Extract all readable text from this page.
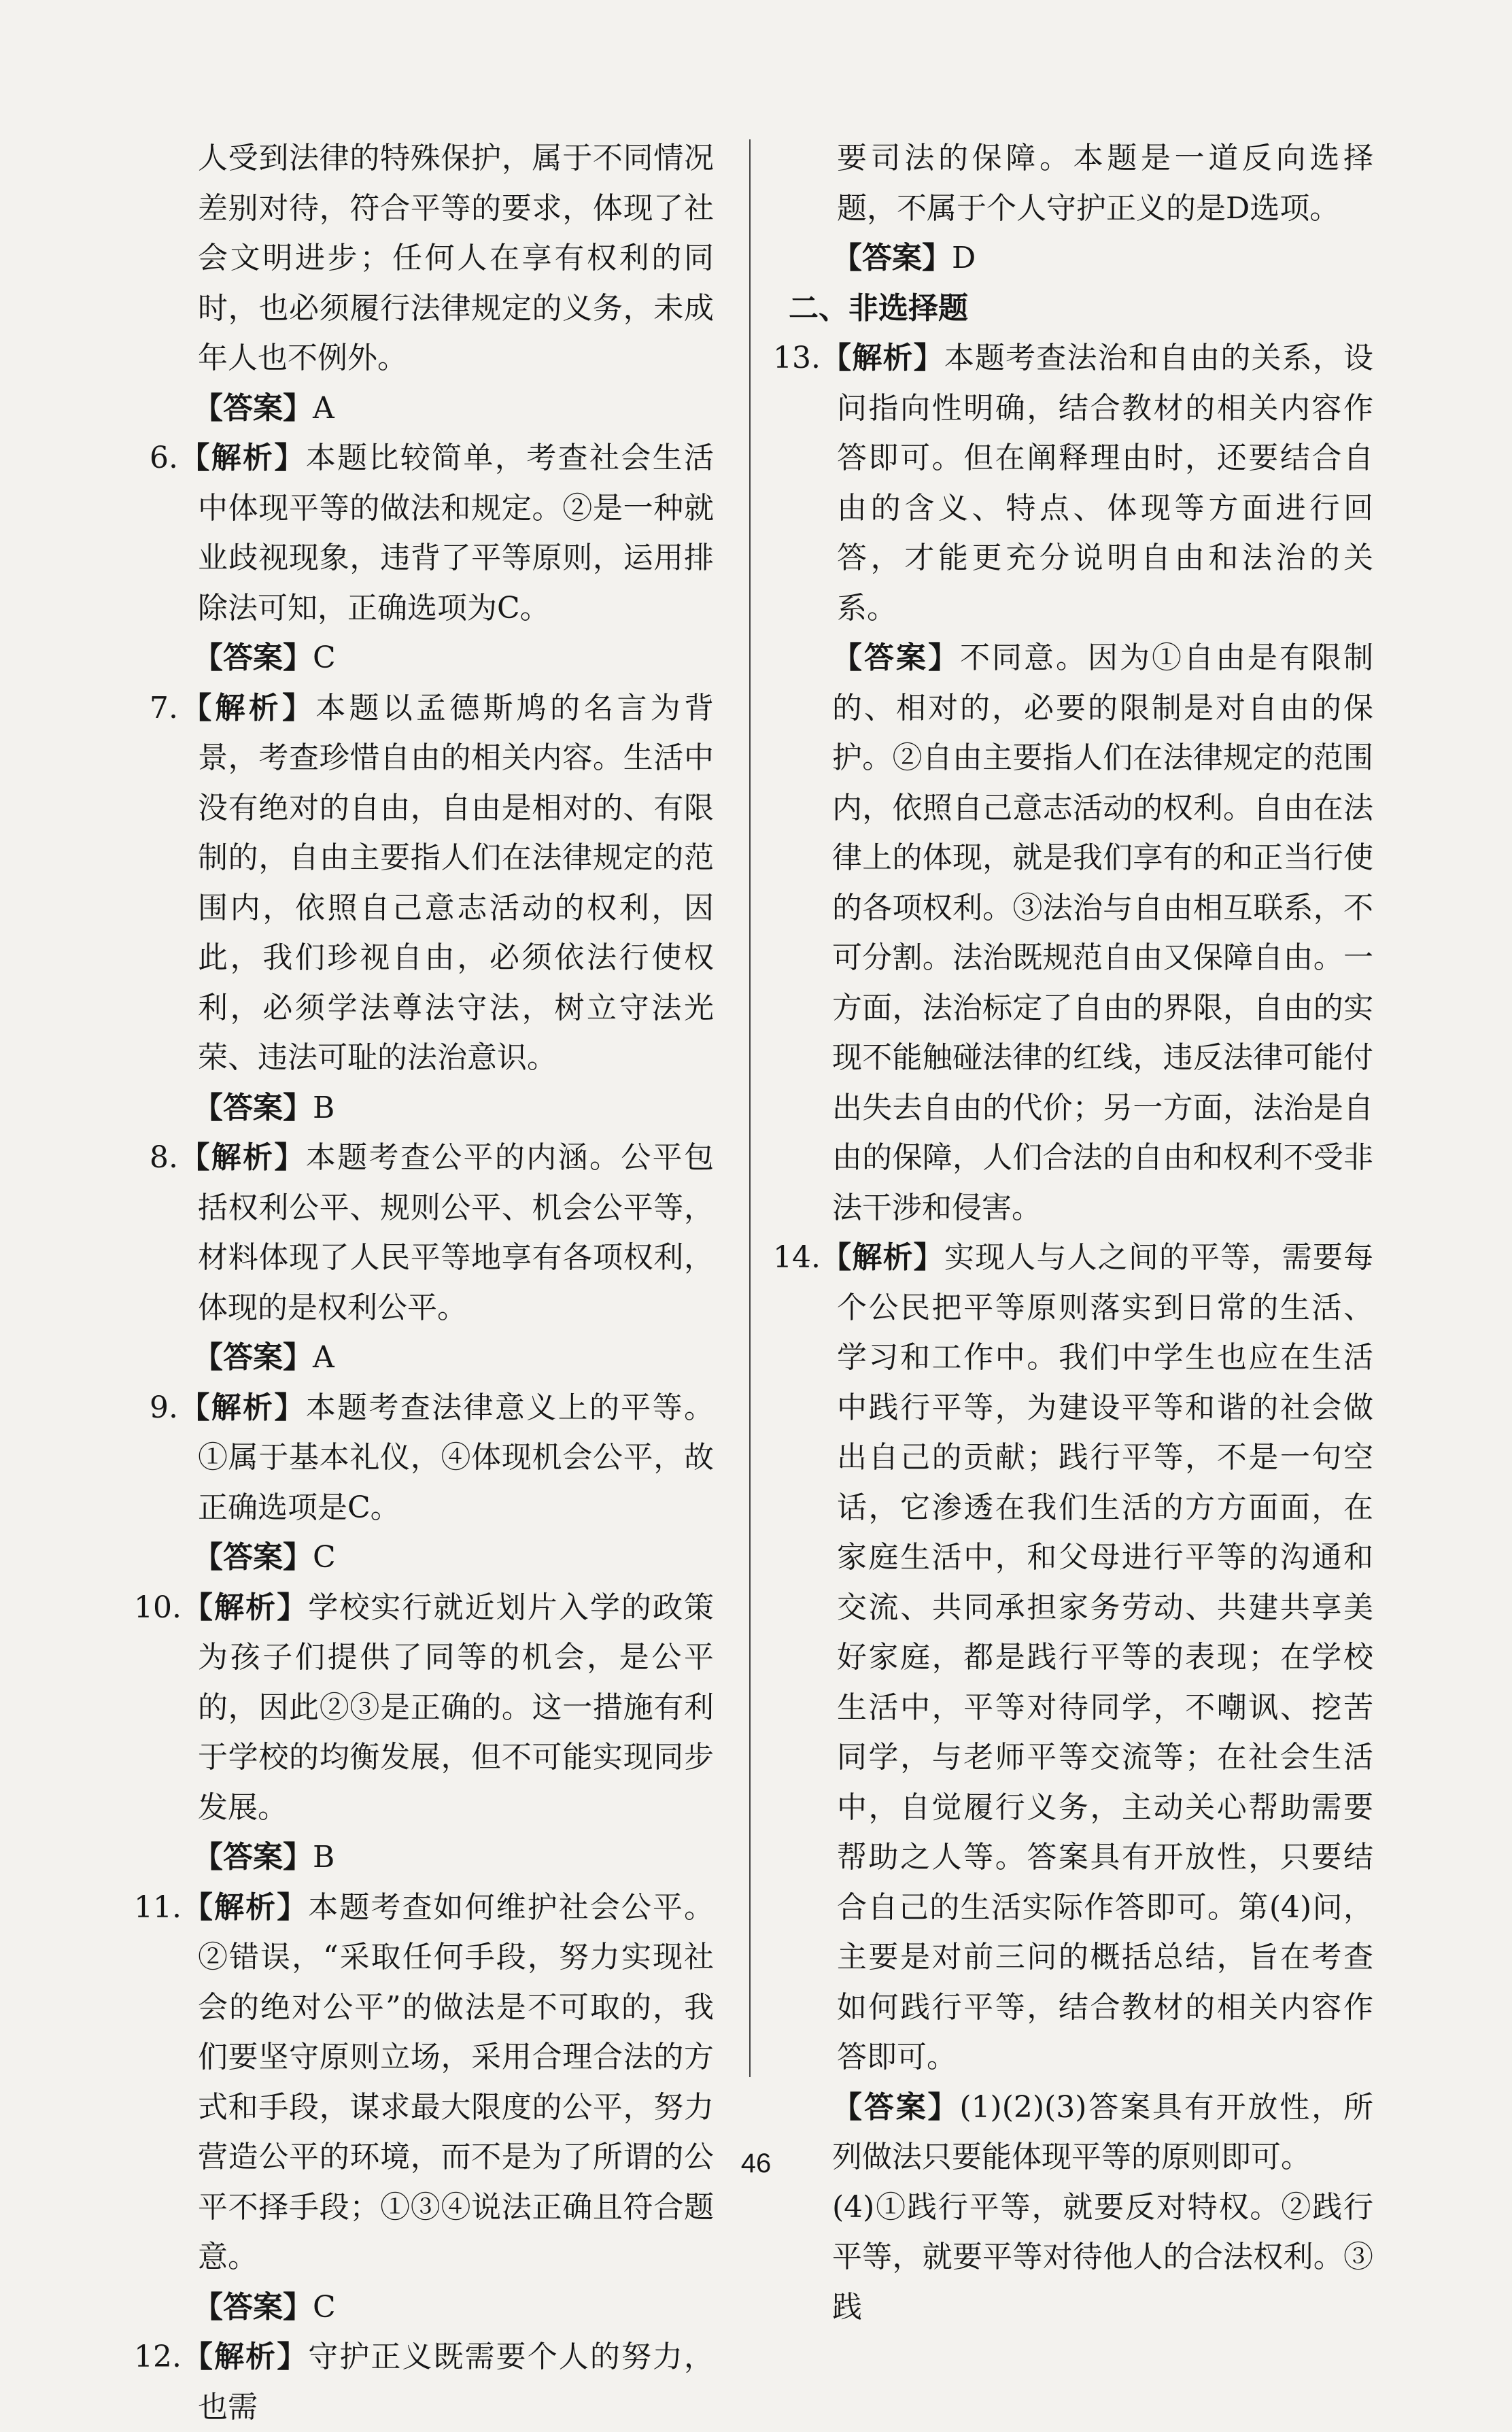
人受到法律的特殊保护，属于不同情况差别对待，符合平等的要求，体现了社会文明进步；任何人在享有权利的同时，也必须履行法律规定的义务，未成年人也不例外。

【答案】A

6.【解析】本题比较简单，考查社会生活中体现平等的做法和规定。②是一种就业歧视现象，违背了平等原则，运用排除法可知，正确选项为C。

【答案】C

7.【解析】本题以孟德斯鸠的名言为背景，考查珍惜自由的相关内容。生活中没有绝对的自由，自由是相对的、有限制的，自由主要指人们在法律规定的范围内，依照自己意志活动的权利，因此，我们珍视自由，必须依法行使权利，必须学法尊法守法，树立守法光荣、违法可耻的法治意识。

【答案】B

8.【解析】本题考查公平的内涵。公平包括权利公平、规则公平、机会公平等，材料体现了人民平等地享有各项权利，体现的是权利公平。

【答案】A

9.【解析】本题考查法律意义上的平等。①属于基本礼仪，④体现机会公平，故正确选项是C。

【答案】C

10.【解析】学校实行就近划片入学的政策为孩子们提供了同等的机会，是公平的，因此②③是正确的。这一措施有利于学校的均衡发展，但不可能实现同步发展。

【答案】B

11.【解析】本题考查如何维护社会公平。②错误，“采取任何手段，努力实现社会的绝对公平”的做法是不可取的，我们要坚守原则立场，采用合理合法的方式和手段，谋求最大限度的公平，努力营造公平的环境，而不是为了所谓的公平不择手段；①③④说法正确且符合题意。

【答案】C

12.【解析】守护正义既需要个人的努力，也需

要司法的保障。本题是一道反向选择题，不属于个人守护正义的是D选项。

【答案】D

二、非选择题

13.【解析】本题考查法治和自由的关系，设问指向性明确，结合教材的相关内容作答即可。但在阐释理由时，还要结合自由的含义、特点、体现等方面进行回答，才能更充分说明自由和法治的关系。

【答案】不同意。因为①自由是有限制的、相对的，必要的限制是对自由的保护。②自由主要指人们在法律规定的范围内，依照自己意志活动的权利。自由在法律上的体现，就是我们享有的和正当行使的各项权利。③法治与自由相互联系，不可分割。法治既规范自由又保障自由。一方面，法治标定了自由的界限，自由的实现不能触碰法律的红线，违反法律可能付出失去自由的代价；另一方面，法治是自由的保障，人们合法的自由和权利不受非法干涉和侵害。

14.【解析】实现人与人之间的平等，需要每个公民把平等原则落实到日常的生活、学习和工作中。我们中学生也应在生活中践行平等，为建设平等和谐的社会做出自己的贡献；践行平等，不是一句空话，它渗透在我们生活的方方面面，在家庭生活中，和父母进行平等的沟通和交流、共同承担家务劳动、共建共享美好家庭，都是践行平等的表现；在学校生活中，平等对待同学，不嘲讽、挖苦同学，与老师平等交流等；在社会生活中，自觉履行义务，主动关心帮助需要帮助之人等。答案具有开放性，只要结合自己的生活实际作答即可。第(4)问，主要是对前三问的概括总结，旨在考查如何践行平等，结合教材的相关内容作答即可。

【答案】(1)(2)(3)答案具有开放性，所列做法只要能体现平等的原则即可。

(4)①践行平等，就要反对特权。②践行平等，就要平等对待他人的合法权利。③践

46
